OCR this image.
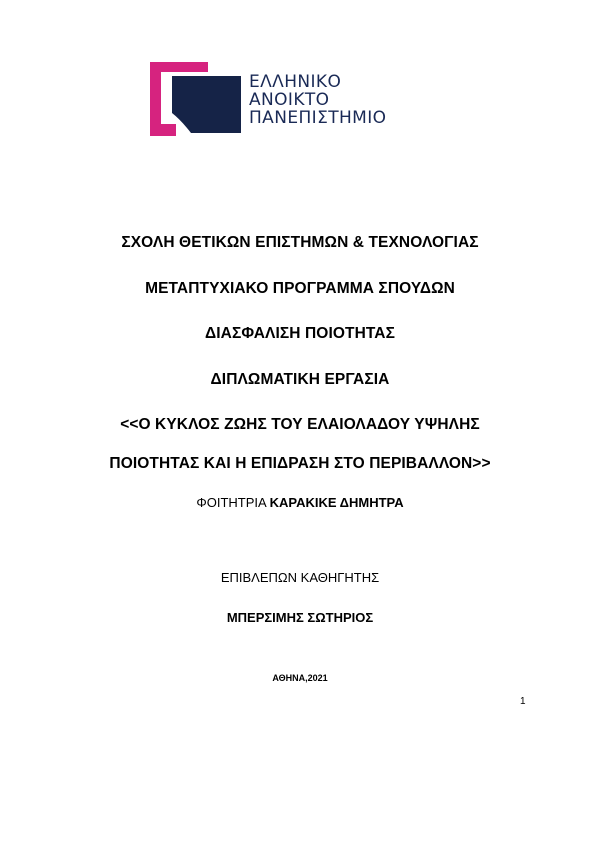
ΕΛΛΗΝΙΚΟ
ΑΝΟΙΚΤΟ
ΠΑΝΕΠΙΣΤΗΜΙΟ
ΣΧΟΛΗ ΘΕΤΙΚΩΝ ΕΠΙΣΤΗΜΩΝ & ΤΕΧΝΟΛΟΓΙΑΣ
ΜΕΤΑΠΤΥΧΙΑΚΟ ΠΡΟΓΡΑΜΜΑ ΣΠΟΥΔΩΝ
ΔΙΑΣΦΑΛΙΣΗ ΠΟΙΟΤΗΤΑΣ
ΔΙΠΛΩΜΑΤΙΚΗ ΕΡΓΑΣΙΑ
<<Ο ΚΥΚΛΟΣ ΖΩΗΣ ΤΟΥ ΕΛΑΙΟΛΑΔΟΥ ΥΨΗΛΗΣ
ΠΟΙΟΤΗΤΑΣ ΚΑΙ Η ΕΠΙΔΡΑΣΗ ΣΤΟ ΠΕΡΙΒΑΛΛΟΝ>>
ΦΟΙΤΗΤΡΙΑ ΚΑΡΑΚΙΚΕ ΔΗΜΗΤΡΑ
ΕΠΙΒΛΕΠΩΝ ΚΑΘΗΓΗΤΗΣ
ΜΠΕΡΣΙΜΗΣ ΣΩΤΗΡΙΟΣ
ΑΘΗΝΑ,2021
1
